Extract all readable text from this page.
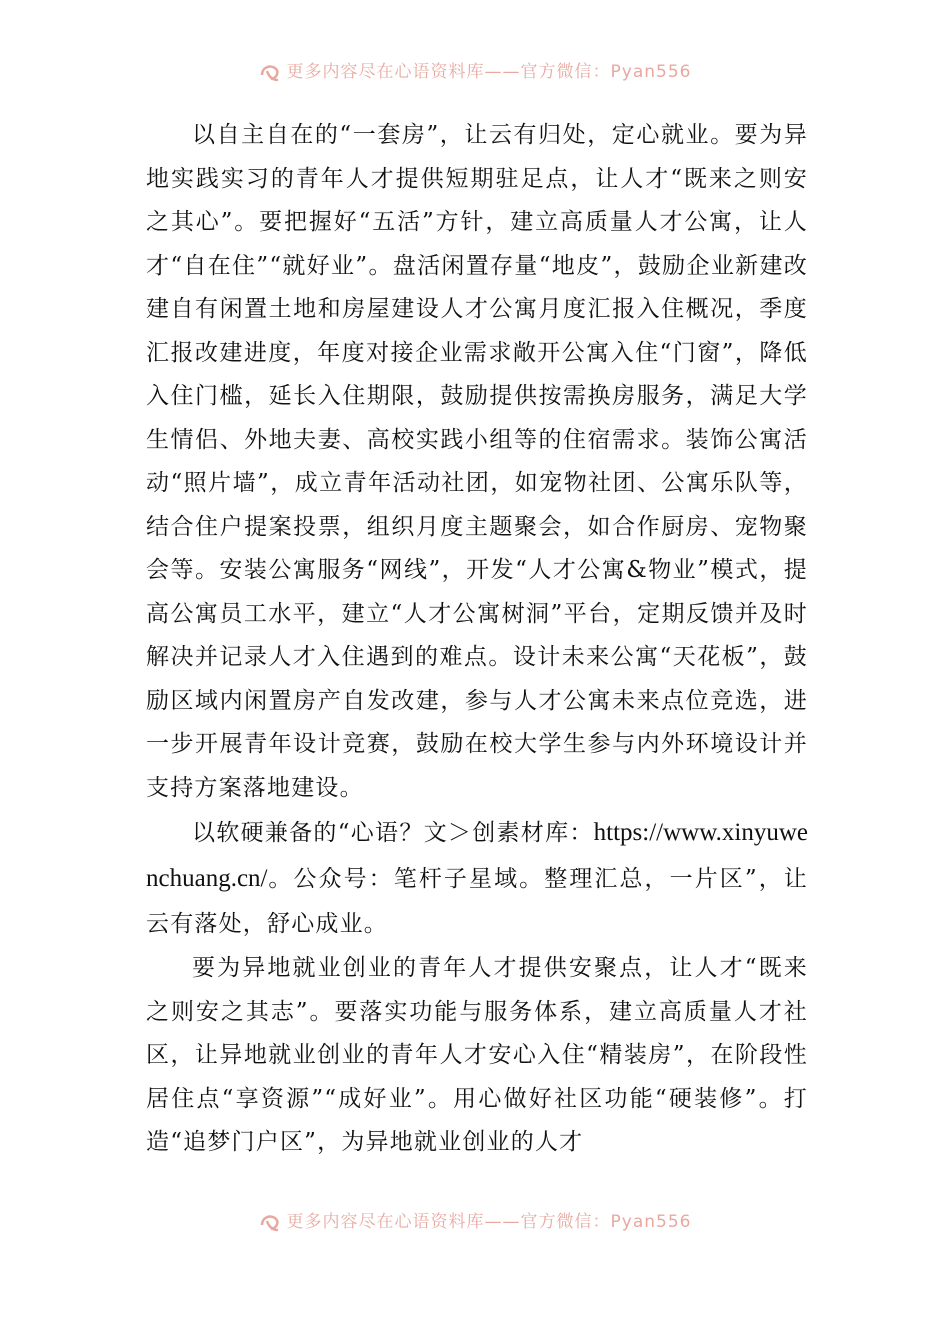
更多内容尽在心语资料库——官方微信：Pyan556

以自主自在的“一套房”，让云有归处，定心就业。要为异地实践实习的青年人才提供短期驻足点，让人才“既来之则安之其心”。要把握好“五活”方针，建立高质量人才公寓，让人才“自在住”“就好业”。盘活闲置存量“地皮”，鼓励企业新建改建自有闲置土地和房屋建设人才公寓月度汇报入住概况，季度汇报改建进度，年度对接企业需求敞开公寓入住“门窗”，降低入住门槛，延长入住期限，鼓励提供按需换房服务，满足大学生情侣、外地夫妻、高校实践小组等的住宿需求。装饰公寓活动“照片墙”，成立青年活动社团，如宠物社团、公寓乐队等，结合住户提案投票，组织月度主题聚会，如合作厨房、宠物聚会等。安装公寓服务“网线”，开发“人才公寓&物业”模式，提高公寓员工水平，建立“人才公寓树洞”平台，定期反馈并及时解决并记录人才入住遇到的难点。设计未来公寓“天花板”，鼓励区域内闲置房产自发改建，参与人才公寓未来点位竞选，进一步开展青年设计竞赛，鼓励在校大学生参与内外环境设计并支持方案落地建设。

以软硬兼备的“心语？文＞创素材库：https://www.xinyuwenchuang.cn/。公众号：笔杆子星域。整理汇总，一片区”，让云有落处，舒心成业。

要为异地就业创业的青年人才提供安聚点，让人才“既来之则安之其志”。要落实功能与服务体系，建立高质量人才社区，让异地就业创业的青年人才安心入住“精装房”，在阶段性居住点“享资源”“成好业”。用心做好社区功能“硬装修”。打造“追梦门户区”，为异地就业创业的人才

更多内容尽在心语资料库——官方微信：Pyan556
